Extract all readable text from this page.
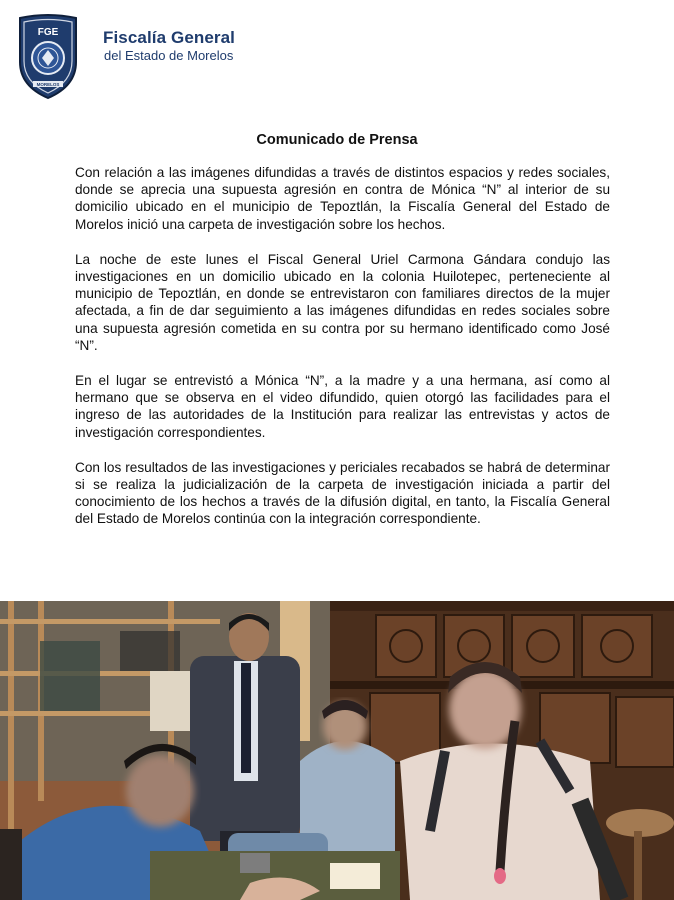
FGE
MORELOS
Fiscalía General
del Estado de Morelos
Comunicado de Prensa

Con relación a las imágenes difundidas a través de distintos espacios y redes sociales, donde se aprecia una supuesta agresión en contra de Mónica “N” al interior de su domicilio ubicado en el municipio de Tepoztlán, la Fiscalía General del Estado de Morelos inició una carpeta de investigación sobre los hechos.

La noche de este lunes el Fiscal General Uriel Carmona Gándara condujo las investigaciones en un domicilio ubicado en la colonia Huilotepec, perteneciente al municipio de Tepoztlán, en donde se entrevistaron con familiares directos de la mujer afectada, a fin de dar seguimiento a las imágenes difundidas en redes sociales sobre una supuesta agresión cometida en su contra por su hermano identificado como José “N”.

En el lugar se entrevistó a Mónica “N”, a la madre y a una hermana, así como al hermano que se observa en el video difundido, quien otorgó las facilidades para el ingreso de las autoridades de la Institución para realizar las entrevistas y actos de investigación correspondientes.

Con los resultados de las investigaciones y periciales recabados se habrá de determinar si se realiza la judicialización de la carpeta de investigación iniciada a partir del conocimiento de los hechos a través de la difusión digital, en tanto, la Fiscalía General del Estado de Morelos continúa con la integración correspondiente.
